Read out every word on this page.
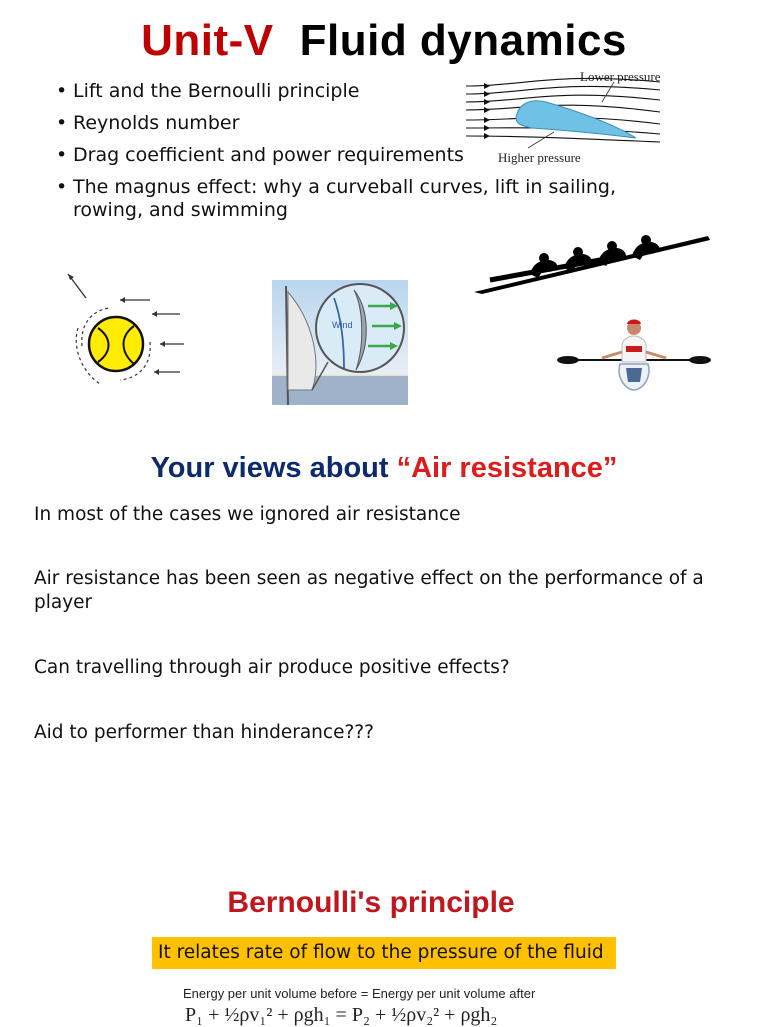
Unit-V Fluid dynamics
• Lift and the Bernoulli principle
• Reynolds number
• Drag coefficient and power requirements
• The magnus effect: why a curveball curves, lift in sailing, rowing, and swimming
Lower pressure
Higher pressure
Wind
Your views about “Air resistance”
In most of the cases we ignored air resistance
Air resistance has been seen as negative effect on the performance of a player
Can travelling through air produce positive effects?
Aid to performer than hinderance???
Bernoulli's principle
It relates rate of flow to the pressure of the fluid
Energy per unit volume before = Energy per unit volume after
P₁ + ½ρv₁² + ρgh₁ = P₂ + ½ρv₂² + ρgh₂
